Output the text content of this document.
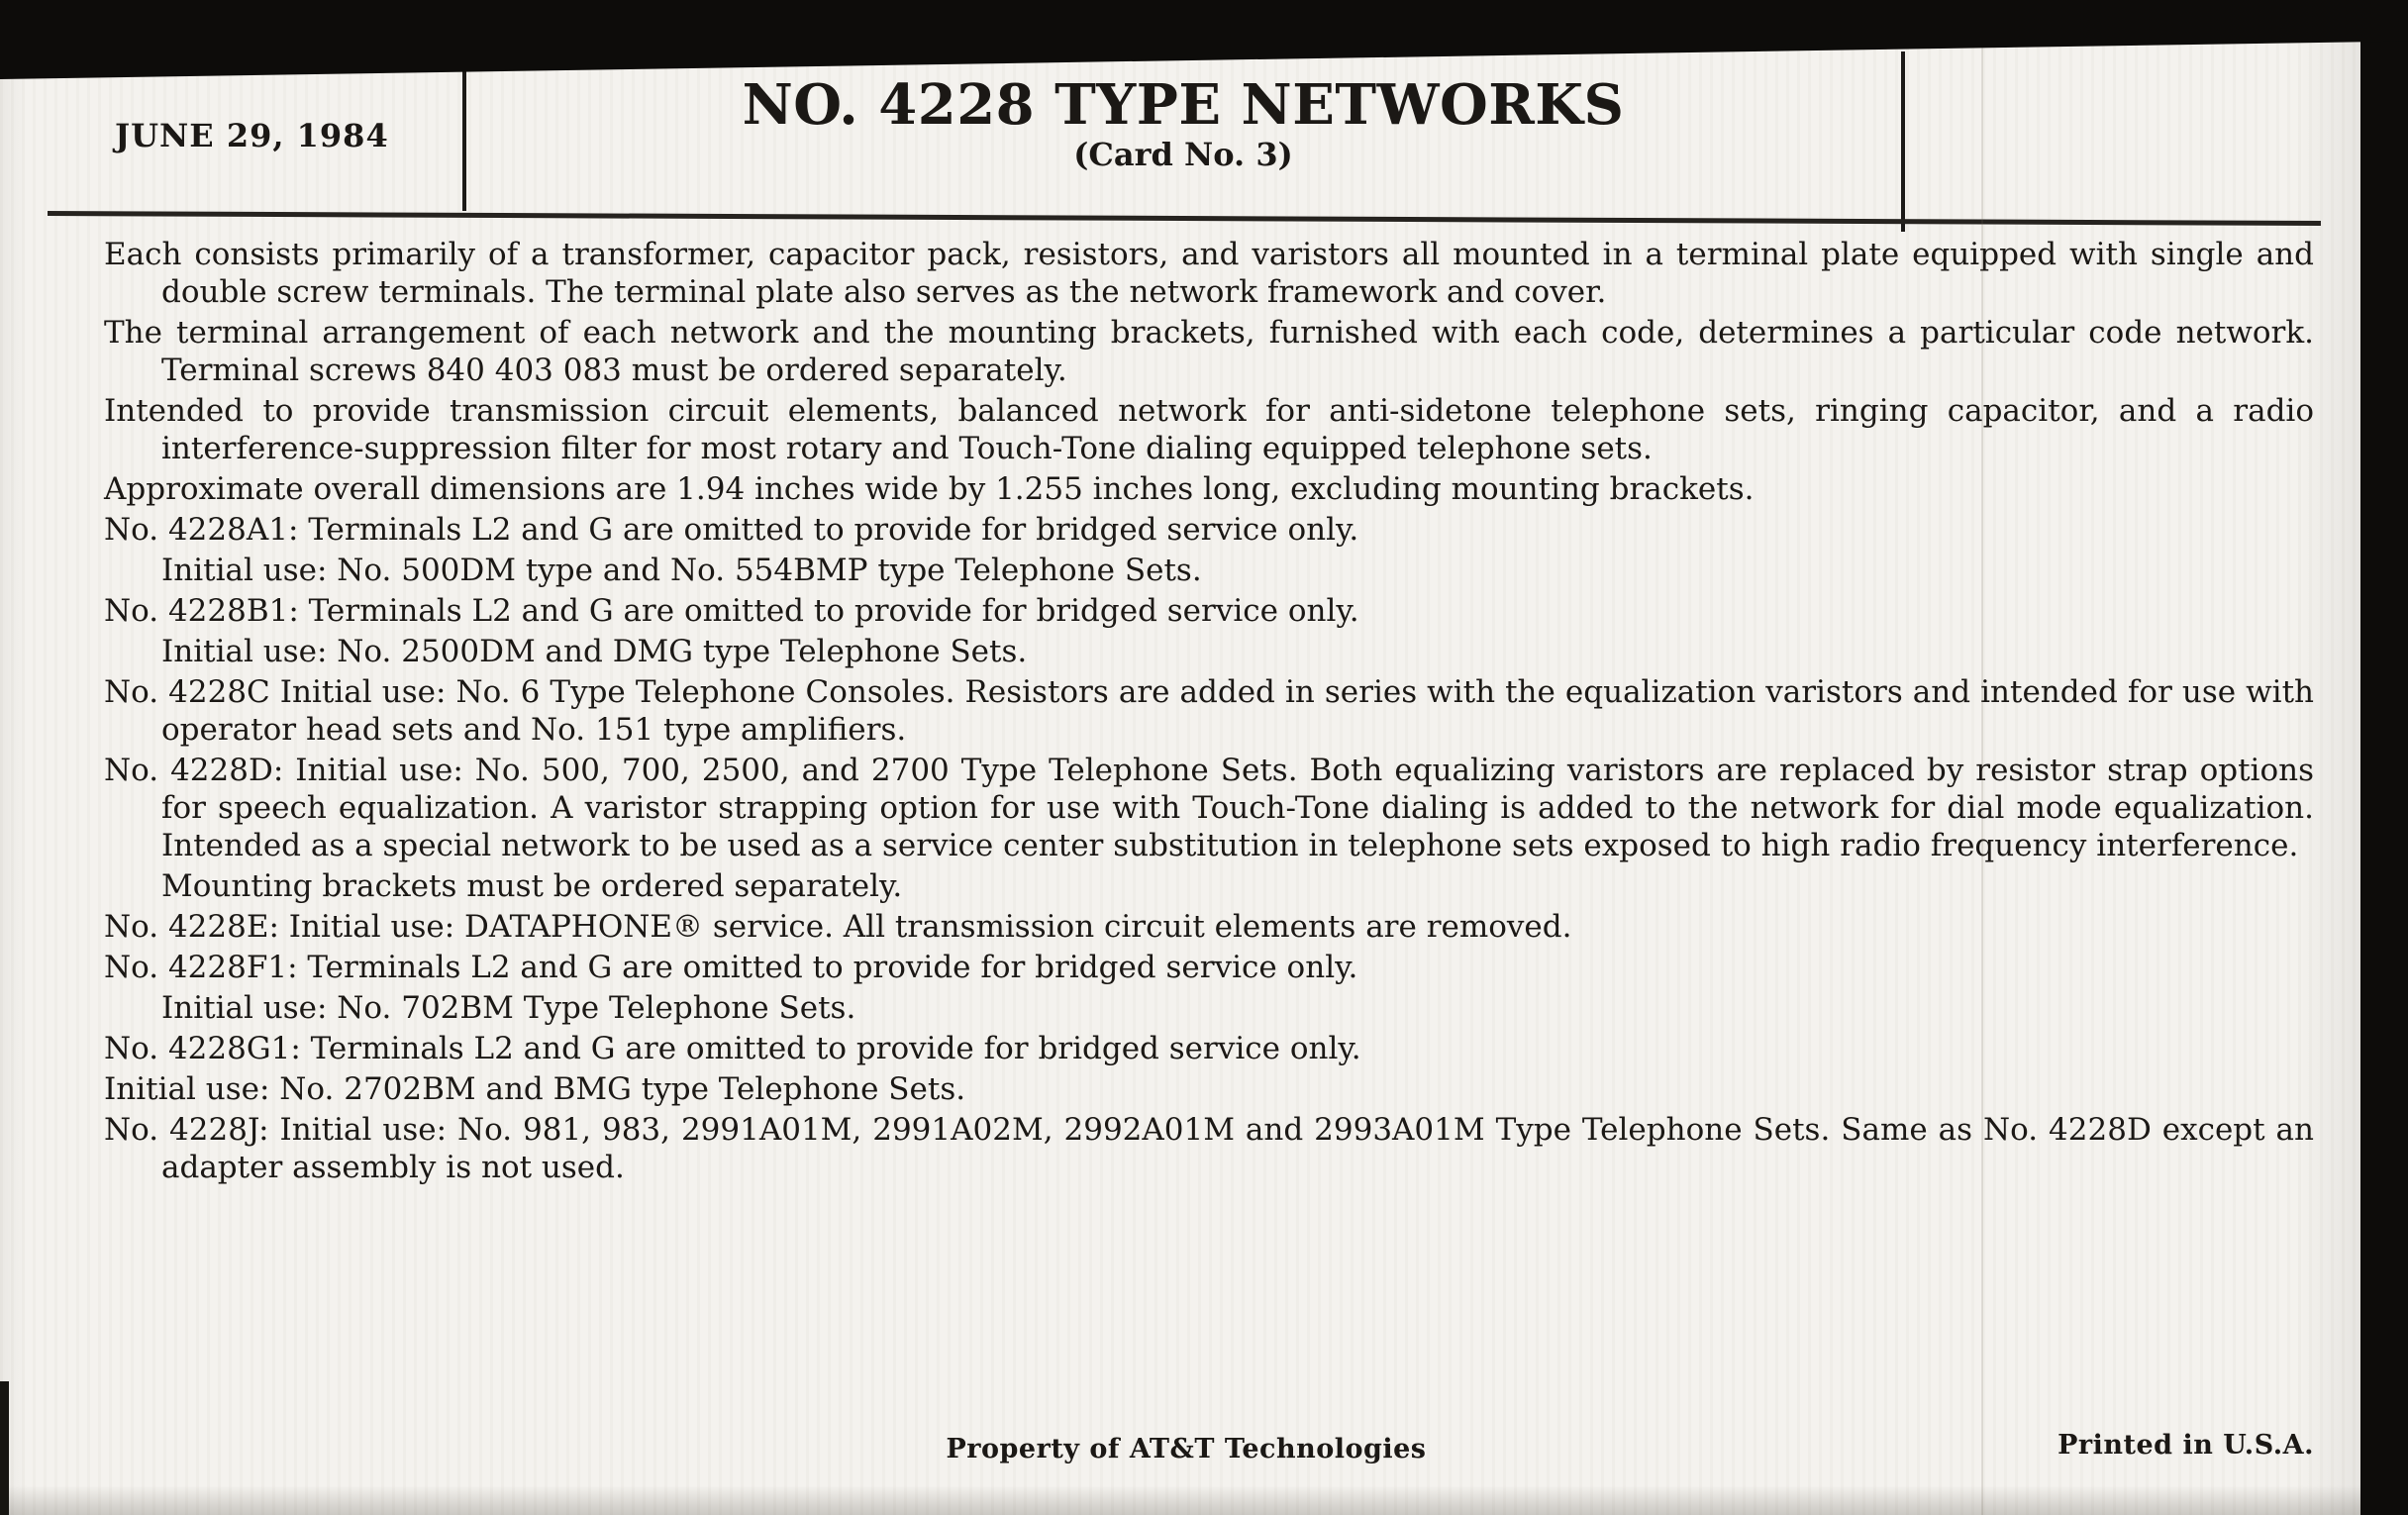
JUNE 29, 1984	NO. 4228 TYPE NETWORKS
(Card No. 3)

Each consists primarily of a transformer, capacitor pack, resistors, and varistors all mounted in a terminal plate equipped with single and double screw terminals. The terminal plate also serves as the network framework and cover.

The terminal arrangement of each network and the mounting brackets, furnished with each code, determines a particular code network. Terminal screws 840 403 083 must be ordered separately.

Intended to provide transmission circuit elements, balanced network for anti-sidetone telephone sets, ringing capacitor, and a radio interference-suppression filter for most rotary and Touch-Tone dialing equipped telephone sets.

Approximate overall dimensions are 1.94 inches wide by 1.255 inches long, excluding mounting brackets.

No. 4228A1: Terminals L2 and G are omitted to provide for bridged service only.

Initial use: No. 500DM type and No. 554BMP type Telephone Sets.

No. 4228B1: Terminals L2 and G are omitted to provide for bridged service only.

Initial use: No. 2500DM and DMG type Telephone Sets.

No. 4228C Initial use: No. 6 Type Telephone Consoles. Resistors are added in series with the equalization varistors and intended for use with operator head sets and No. 151 type amplifiers.

No. 4228D: Initial use: No. 500, 700, 2500, and 2700 Type Telephone Sets. Both equalizing varistors are replaced by resistor strap options for speech equalization. A varistor strapping option for use with Touch-Tone dialing is added to the network for dial mode equalization. Intended as a special network to be used as a service center substitution in telephone sets exposed to high radio frequency interference.

Mounting brackets must be ordered separately.

No. 4228E: Initial use: DATAPHONE® service. All transmission circuit elements are removed.

No. 4228F1: Terminals L2 and G are omitted to provide for bridged service only.

Initial use: No. 702BM Type Telephone Sets.

No. 4228G1: Terminals L2 and G are omitted to provide for bridged service only.

Initial use: No. 2702BM and BMG type Telephone Sets.

No. 4228J: Initial use: No. 981, 983, 2991A01M, 2991A02M, 2992A01M and 2993A01M Type Telephone Sets. Same as No. 4228D except an adapter assembly is not used.

Property of AT&T Technologies	Printed in U.S.A.
